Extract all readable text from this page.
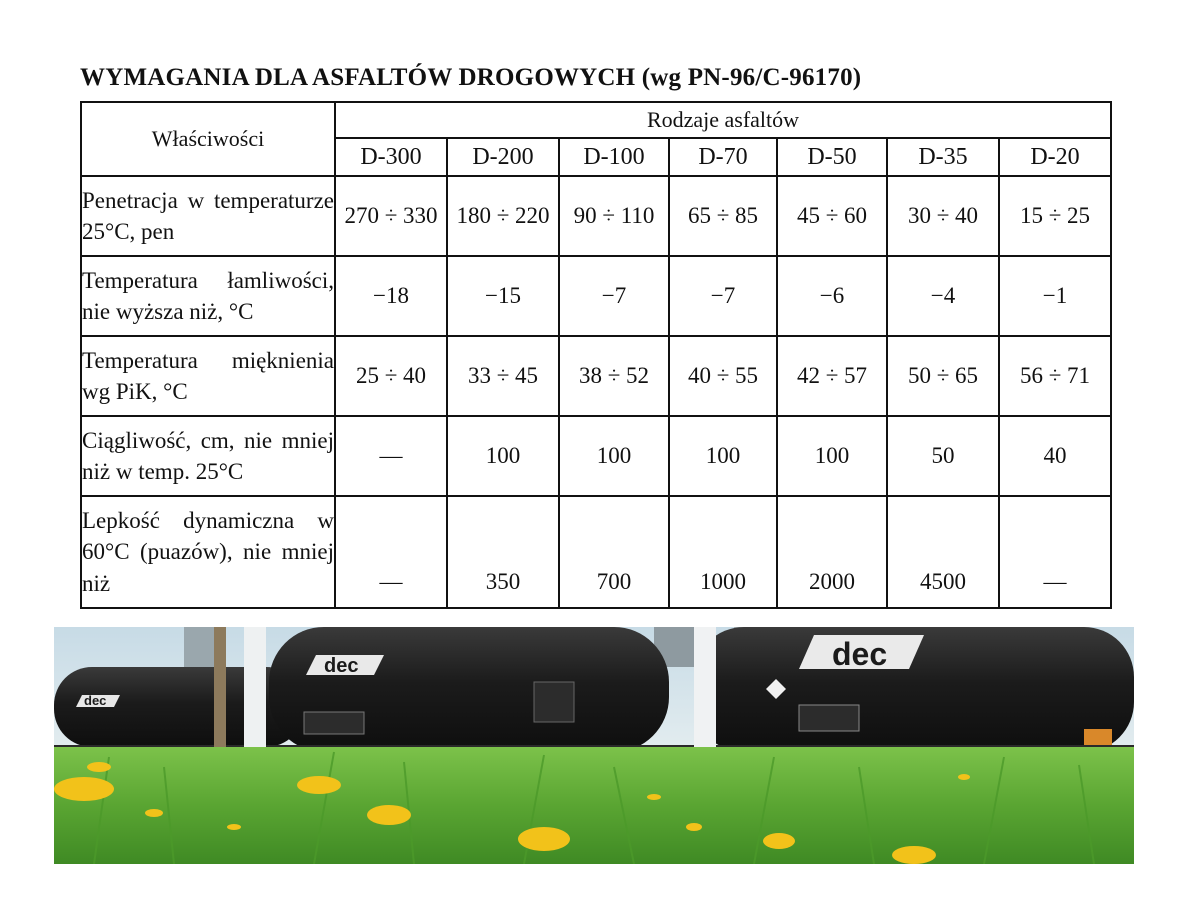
WYMAGANIA DLA ASFALTÓW DROGOWYCH (wg PN-96/C-96170)
Właściwości	Rodzaje asfaltów						
	D-300	D-200	D-100	D-70	D-50	D-35	D-20
Penetracja w temperaturze 25°C, pen	270 ÷ 330	180 ÷ 220	90 ÷ 110	65 ÷ 85	45 ÷ 60	30 ÷ 40	15 ÷ 25
Temperatura łamliwości, nie wyższa niż, °C	−18	−15	−7	−7	−6	−4	−1
Temperatura mięknienia wg PiK, °C	25 ÷ 40	33 ÷ 45	38 ÷ 52	40 ÷ 55	42 ÷ 57	50 ÷ 65	56 ÷ 71
Ciągliwość, cm, nie mniej niż w temp. 25°C	—	100	100	100	100	50	40
Lepkość dynamiczna w 60°C (puazów), nie mniej niż	—	350	700	1000	2000	4500	—
dec
dec	dec
